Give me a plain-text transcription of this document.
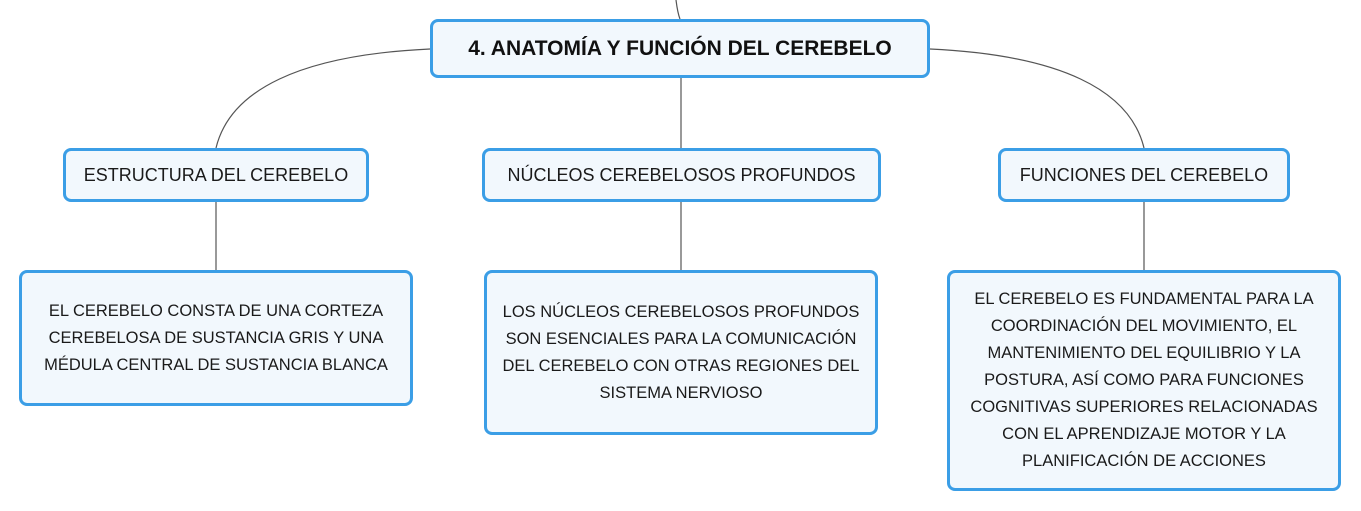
4. ANATOMÍA Y FUNCIÓN DEL CEREBELO
ESTRUCTURA DEL CEREBELO	NÚCLEOS CEREBELOSOS PROFUNDOS	FUNCIONES DEL CEREBELO
EL CEREBELO CONSTA DE UNA CORTEZA CEREBELOSA DE SUSTANCIA GRIS Y UNA MÉDULA CENTRAL DE SUSTANCIA BLANCA
LOS NÚCLEOS CEREBELOSOS PROFUNDOS SON ESENCIALES PARA LA COMUNICACIÓN DEL CEREBELO CON OTRAS REGIONES DEL SISTEMA NERVIOSO
EL CEREBELO ES FUNDAMENTAL PARA LA COORDINACIÓN DEL MOVIMIENTO, EL MANTENIMIENTO DEL EQUILIBRIO Y LA POSTURA, ASÍ COMO PARA FUNCIONES COGNITIVAS SUPERIORES RELACIONADAS CON EL APRENDIZAJE MOTOR Y LA PLANIFICACIÓN DE ACCIONES
